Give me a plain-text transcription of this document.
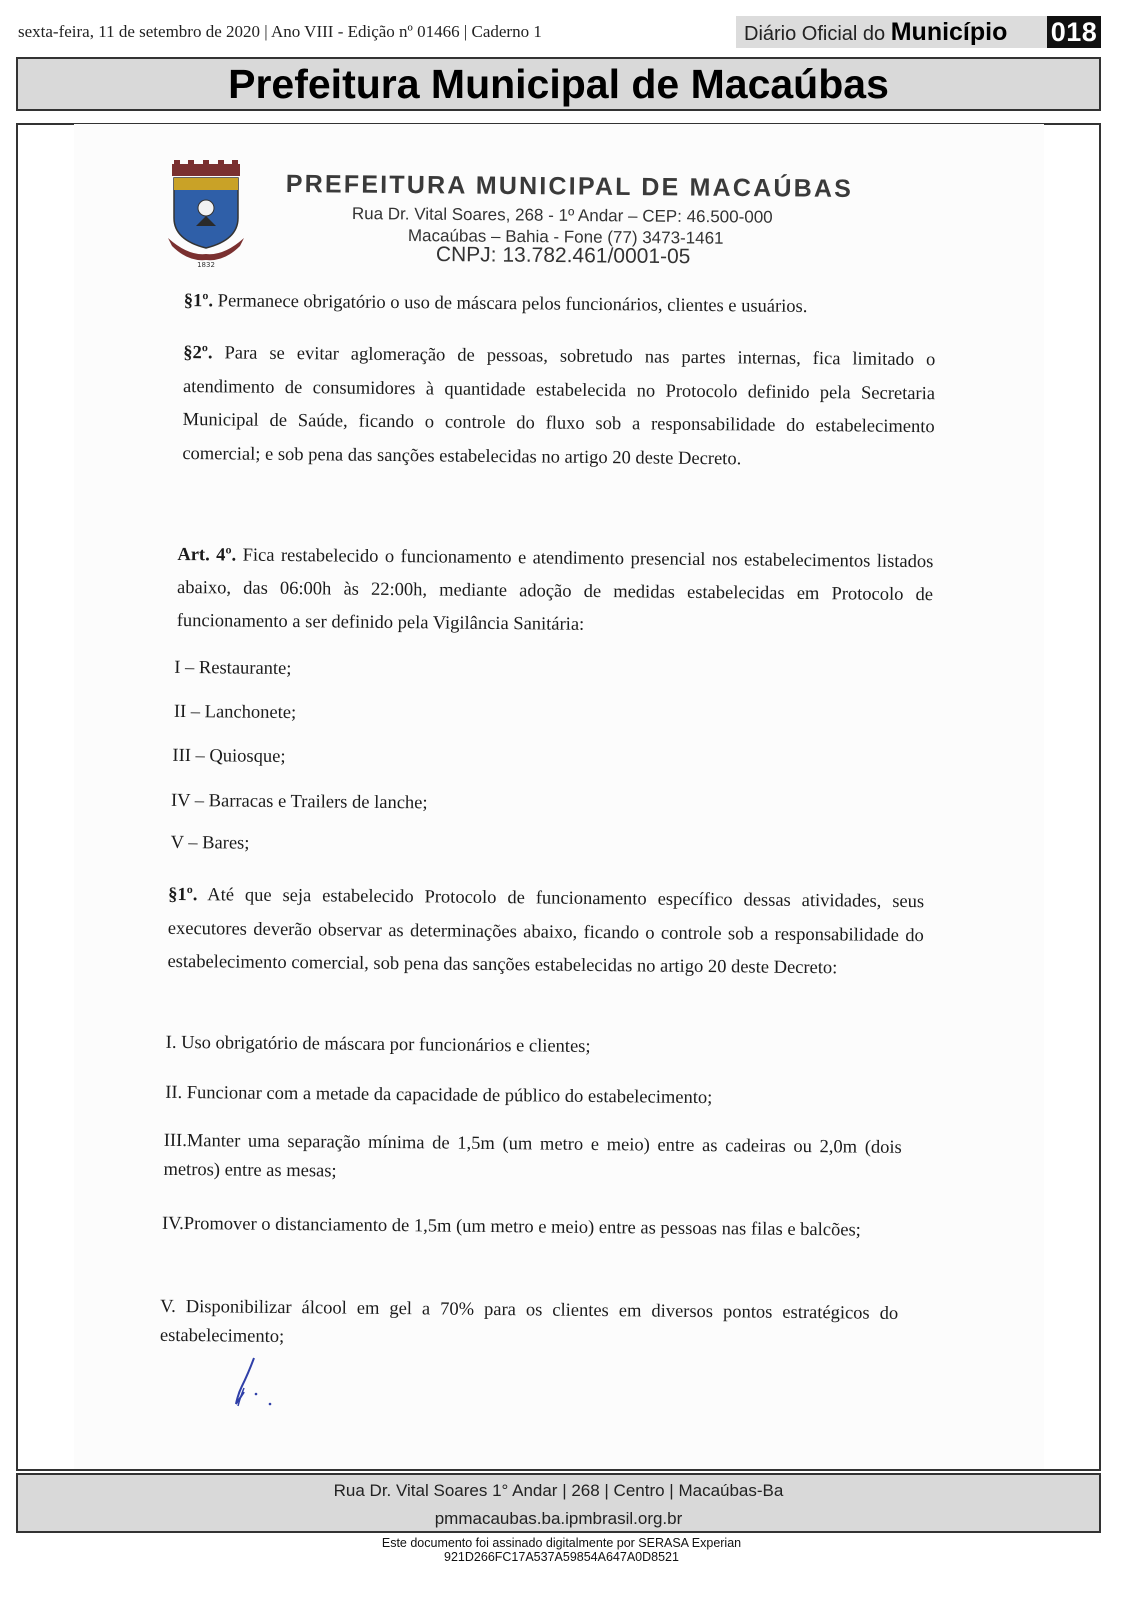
sexta-feira, 11 de setembro de 2020 | Ano VIII - Edição nº 01466 | Caderno 1	Diário Oficial do Município 018
Prefeitura Municipal de Macaúbas
1832
PREFEITURA MUNICIPAL DE MACAÚBAS
Rua Dr. Vital Soares, 268 - 1º Andar – CEP: 46.500-000
Macaúbas – Bahia - Fone (77) 3473-1461
CNPJ: 13.782.461/0001-05
§1º. Permanece obrigatório o uso de máscara pelos funcionários, clientes e usuários.
§2º. Para se evitar aglomeração de pessoas, sobretudo nas partes internas, fica limitado o atendimento de consumidores à quantidade estabelecida no Protocolo definido pela Secretaria Municipal de Saúde, ficando o controle do fluxo sob a responsabilidade do estabelecimento comercial; e sob pena das sanções estabelecidas no artigo 20 deste Decreto.
Art. 4º. Fica restabelecido o funcionamento e atendimento presencial nos estabelecimentos listados abaixo, das 06:00h às 22:00h, mediante adoção de medidas estabelecidas em Protocolo de funcionamento a ser definido pela Vigilância Sanitária:
I – Restaurante;
II – Lanchonete;
III – Quiosque;
IV – Barracas e Trailers de lanche;
V – Bares;
§1º. Até que seja estabelecido Protocolo de funcionamento específico dessas atividades, seus executores deverão observar as determinações abaixo, ficando o controle sob a responsabilidade do estabelecimento comercial, sob pena das sanções estabelecidas no artigo 20 deste Decreto:
I. Uso obrigatório de máscara por funcionários e clientes;
II. Funcionar com a metade da capacidade de público do estabelecimento;
III.Manter uma separação mínima de 1,5m (um metro e meio) entre as cadeiras ou 2,0m (dois metros) entre as mesas;
IV.Promover o distanciamento de 1,5m (um metro e meio) entre as pessoas nas filas e balcões;
V. Disponibilizar álcool em gel a 70% para os clientes em diversos pontos estratégicos do estabelecimento;
Rua Dr. Vital Soares 1° Andar | 268 | Centro | Macaúbas-Ba
pmmacaubas.ba.ipmbrasil.org.br
Este documento foi assinado digitalmente por SERASA Experian
921D266FC17A537A59854A647A0D8521
